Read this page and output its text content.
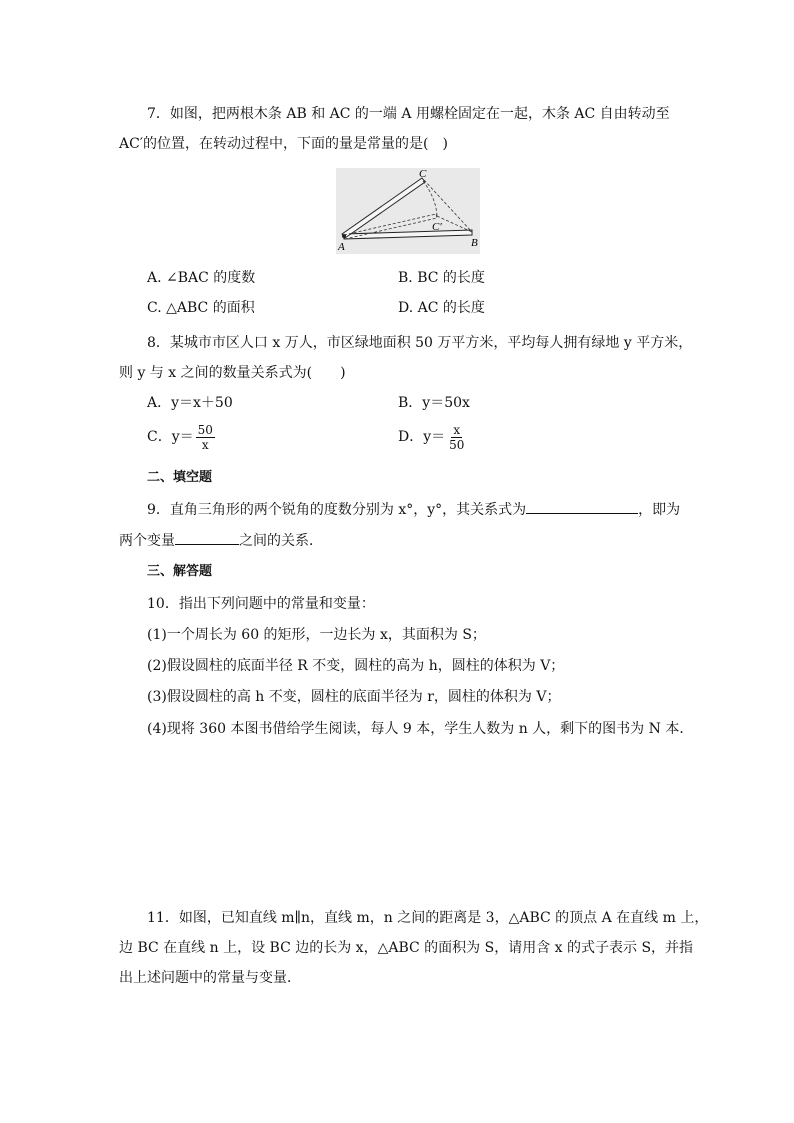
7．如图，把两根木条 AB 和 AC 的一端 A 用螺栓固定在一起，木条 AC 自由转动至
AC′的位置，在转动过程中，下面的量是常量的是(　)
C
C′
A	B
A. ∠BAC 的度数	B. BC 的长度
C. △ABC 的面积	D. AC 的长度
8．某城市市区人口 x 万人，市区绿地面积 50 万平方米，平均每人拥有绿地 y 平方米，
则 y 与 x 之间的数量关系式为(　　)
A．y＝x＋50	B．y＝50x
C．$y= \frac{50}{x}$	D．$y= \frac{x}{50}$
二、填空题
9．直角三角形的两个锐角的度数分别为 x°，y°，其关系式为	，即为
两个变量	之间的关系．
三、解答题
10．指出下列问题中的常量和变量：
(1)一个周长为 60 的矩形，一边长为 x，其面积为 S；
(2)假设圆柱的底面半径 R 不变，圆柱的高为 h，圆柱的体积为 V；
(3)假设圆柱的高 h 不变，圆柱的底面半径为 r，圆柱的体积为 V；
(4)现将 360 本图书借给学生阅读，每人 9 本，学生人数为 n 人，剩下的图书为 N 本．
11．如图，已知直线 m∥n，直线 m，n 之间的距离是 3，△ABC 的顶点 A 在直线 m 上，
边 BC 在直线 n 上，设 BC 边的长为 x，△ABC 的面积为 S，请用含 x 的式子表示 S，并指
出上述问题中的常量与变量．
